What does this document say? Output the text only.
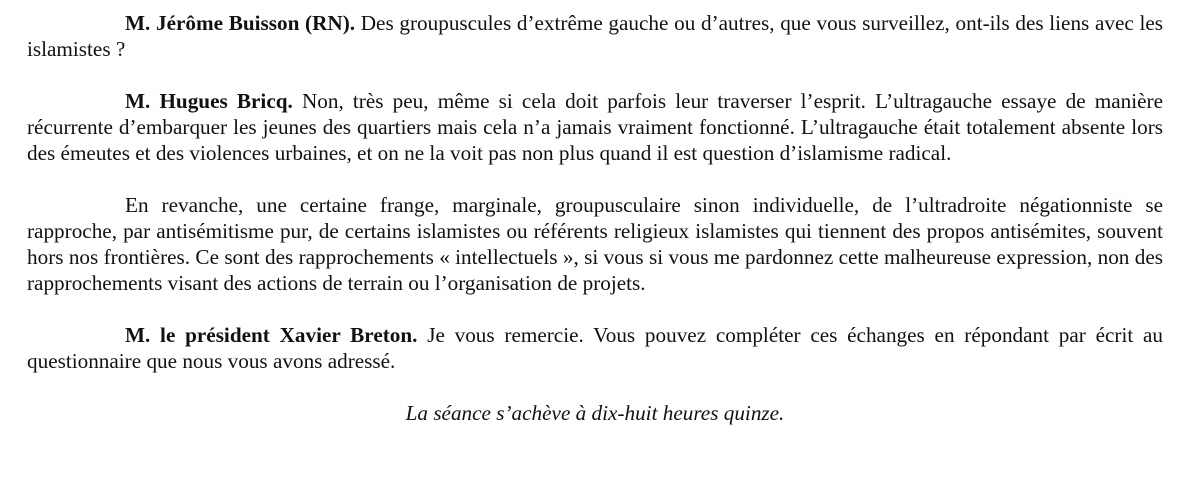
M. Jérôme Buisson (RN). Des groupuscules d’extrême gauche ou d’autres, que vous surveillez, ont-ils des liens avec les islamistes ?

M. Hugues Bricq. Non, très peu, même si cela doit parfois leur traverser l’esprit. L’ultragauche essaye de manière récurrente d’embarquer les jeunes des quartiers mais cela n’a jamais vraiment fonctionné. L’ultragauche était totalement absente lors des émeutes et des violences urbaines, et on ne la voit pas non plus quand il est question d’islamisme radical.

En revanche, une certaine frange, marginale, groupusculaire sinon individuelle, de l’ultradroite négationniste se rapproche, par antisémitisme pur, de certains islamistes ou référents religieux islamistes qui tiennent des propos antisémites, souvent hors nos frontières. Ce sont des rapprochements « intellectuels », si vous si vous me pardonnez cette malheureuse expression, non des rapprochements visant des actions de terrain ou l’organisation de projets.

M. le président Xavier Breton. Je vous remercie. Vous pouvez compléter ces échanges en répondant par écrit au questionnaire que nous vous avons adressé.

La séance s’achève à dix-huit heures quinze.
